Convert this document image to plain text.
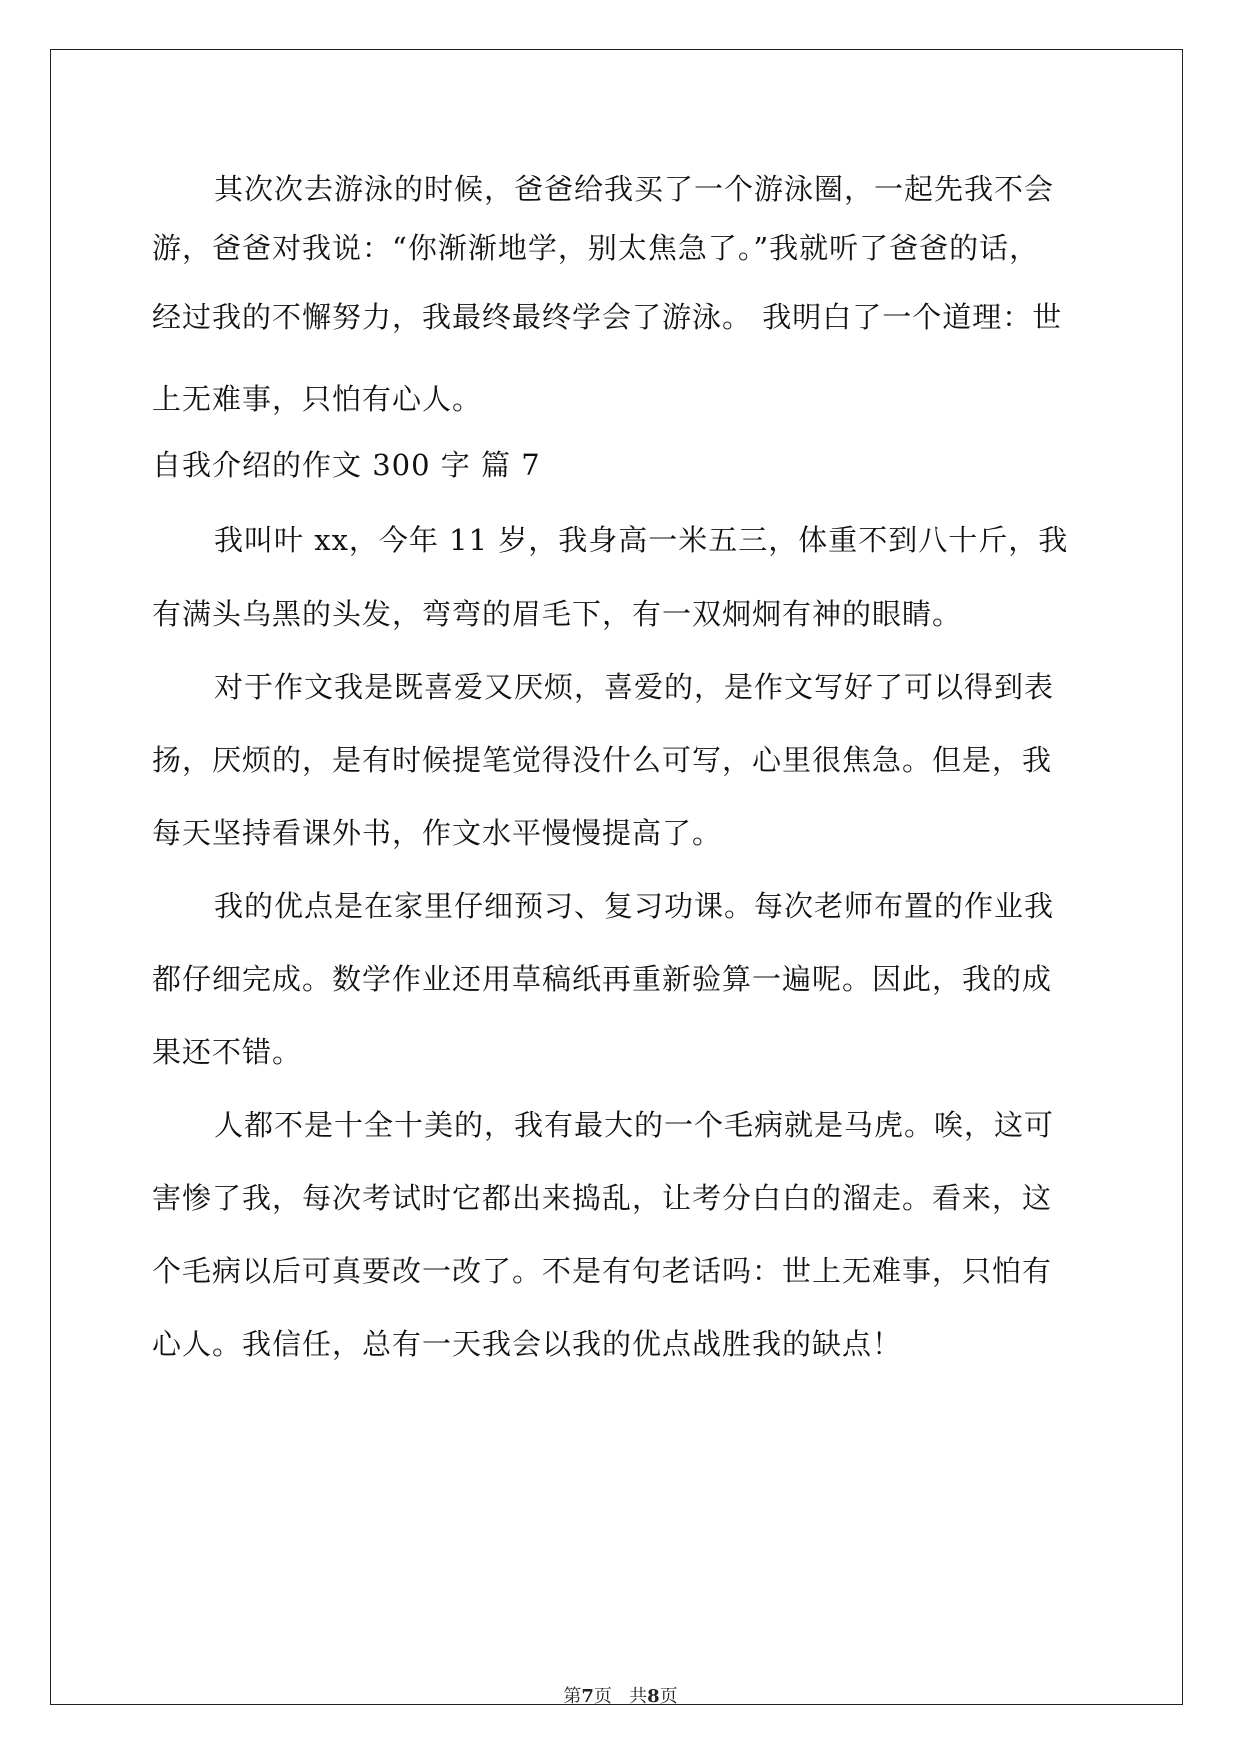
其次次去游泳的时候，爸爸给我买了一个游泳圈，一起先我不会
游，爸爸对我说：“你渐渐地学，别太焦急了。”我就听了爸爸的话，
经过我的不懈努力，我最终最终学会了游泳。 我明白了一个道理：世
上无难事，只怕有心人。
自我介绍的作文 300 字 篇 7
我叫叶 xx，今年 11 岁，我身高一米五三，体重不到八十斤，我
有满头乌黑的头发，弯弯的眉毛下，有一双炯炯有神的眼睛。
对于作文我是既喜爱又厌烦，喜爱的，是作文写好了可以得到表
扬，厌烦的，是有时候提笔觉得没什么可写，心里很焦急。但是，我
每天坚持看课外书，作文水平慢慢提高了。
我的优点是在家里仔细预习、复习功课。每次老师布置的作业我
都仔细完成。数学作业还用草稿纸再重新验算一遍呢。因此，我的成
果还不错。
人都不是十全十美的，我有最大的一个毛病就是马虎。唉，这可
害惨了我，每次考试时它都出来捣乱，让考分白白的溜走。看来，这
个毛病以后可真要改一改了。不是有句老话吗：世上无难事，只怕有
心人。我信任，总有一天我会以我的优点战胜我的缺点！
第7页   共8页
